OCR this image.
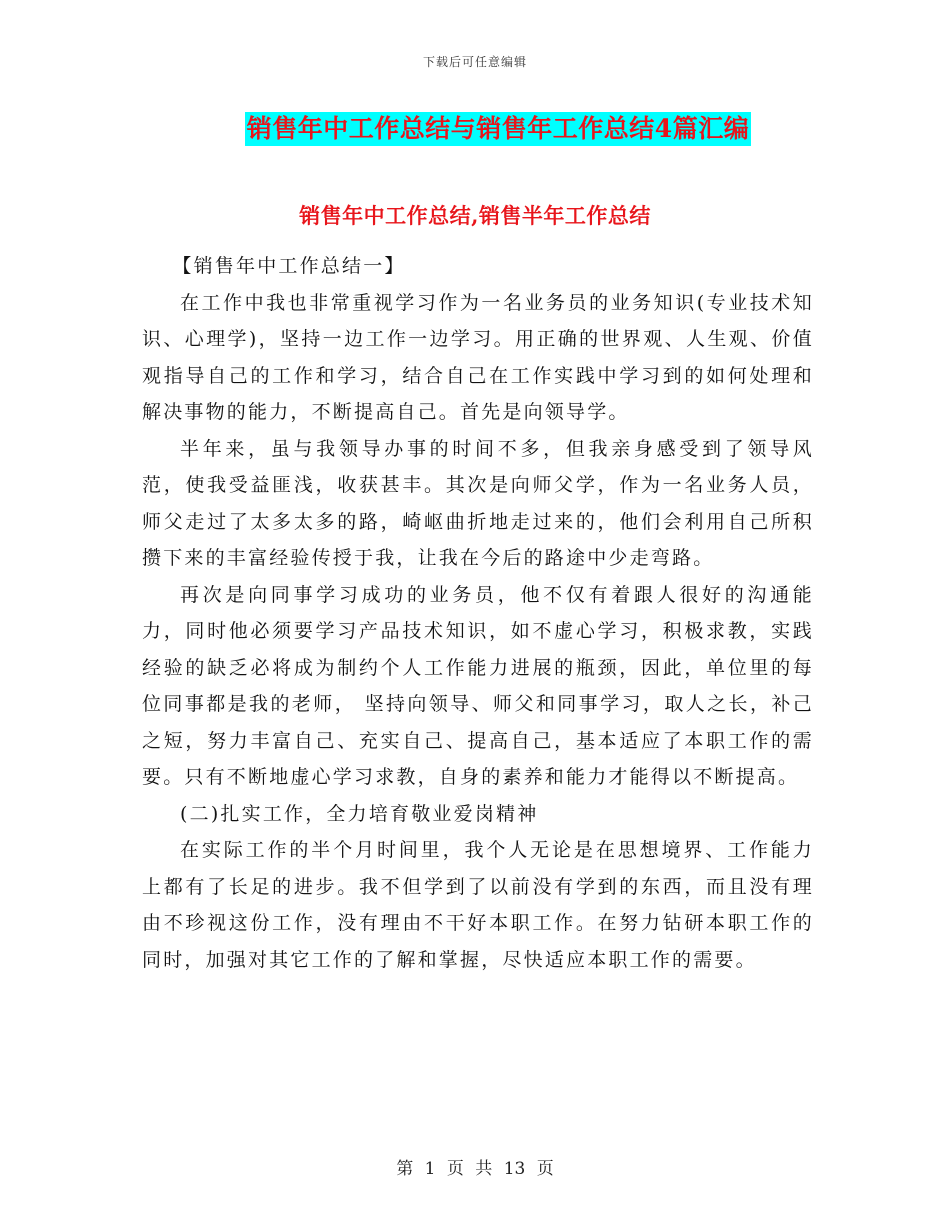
下载后可任意编辑
销售年中工作总结与销售年工作总结4篇汇编
销售年中工作总结,销售半年工作总结

【销售年中工作总结一】

在工作中我也非常重视学习作为一名业务员的业务知识(专业技术知识、心理学)，坚持一边工作一边学习。用正确的世界观、人生观、价值观指导自己的工作和学习，结合自己在工作实践中学习到的如何处理和解决事物的能力，不断提高自己。首先是向领导学。

半年来，虽与我领导办事的时间不多，但我亲身感受到了领导风范，使我受益匪浅，收获甚丰。其次是向师父学，作为一名业务人员，师父走过了太多太多的路，崎岖曲折地走过来的，他们会利用自己所积攒下来的丰富经验传授于我，让我在今后的路途中少走弯路。

再次是向同事学习成功的业务员，他不仅有着跟人很好的沟通能力，同时他必须要学习产品技术知识，如不虚心学习，积极求教，实践经验的缺乏必将成为制约个人工作能力进展的瓶颈，因此，单位里的每位同事都是我的老师， 坚持向领导、师父和同事学习，取人之长，补己之短，努力丰富自己、充实自己、提高自己，基本适应了本职工作的需要。只有不断地虚心学习求教，自身的素养和能力才能得以不断提高。

(二)扎实工作，全力培育敬业爱岗精神

在实际工作的半个月时间里，我个人无论是在思想境界、工作能力上都有了长足的进步。我不但学到了以前没有学到的东西，而且没有理由不珍视这份工作，没有理由不干好本职工作。在努力钻研本职工作的同时，加强对其它工作的了解和掌握，尽快适应本职工作的需要。

第 1 页 共 13 页
